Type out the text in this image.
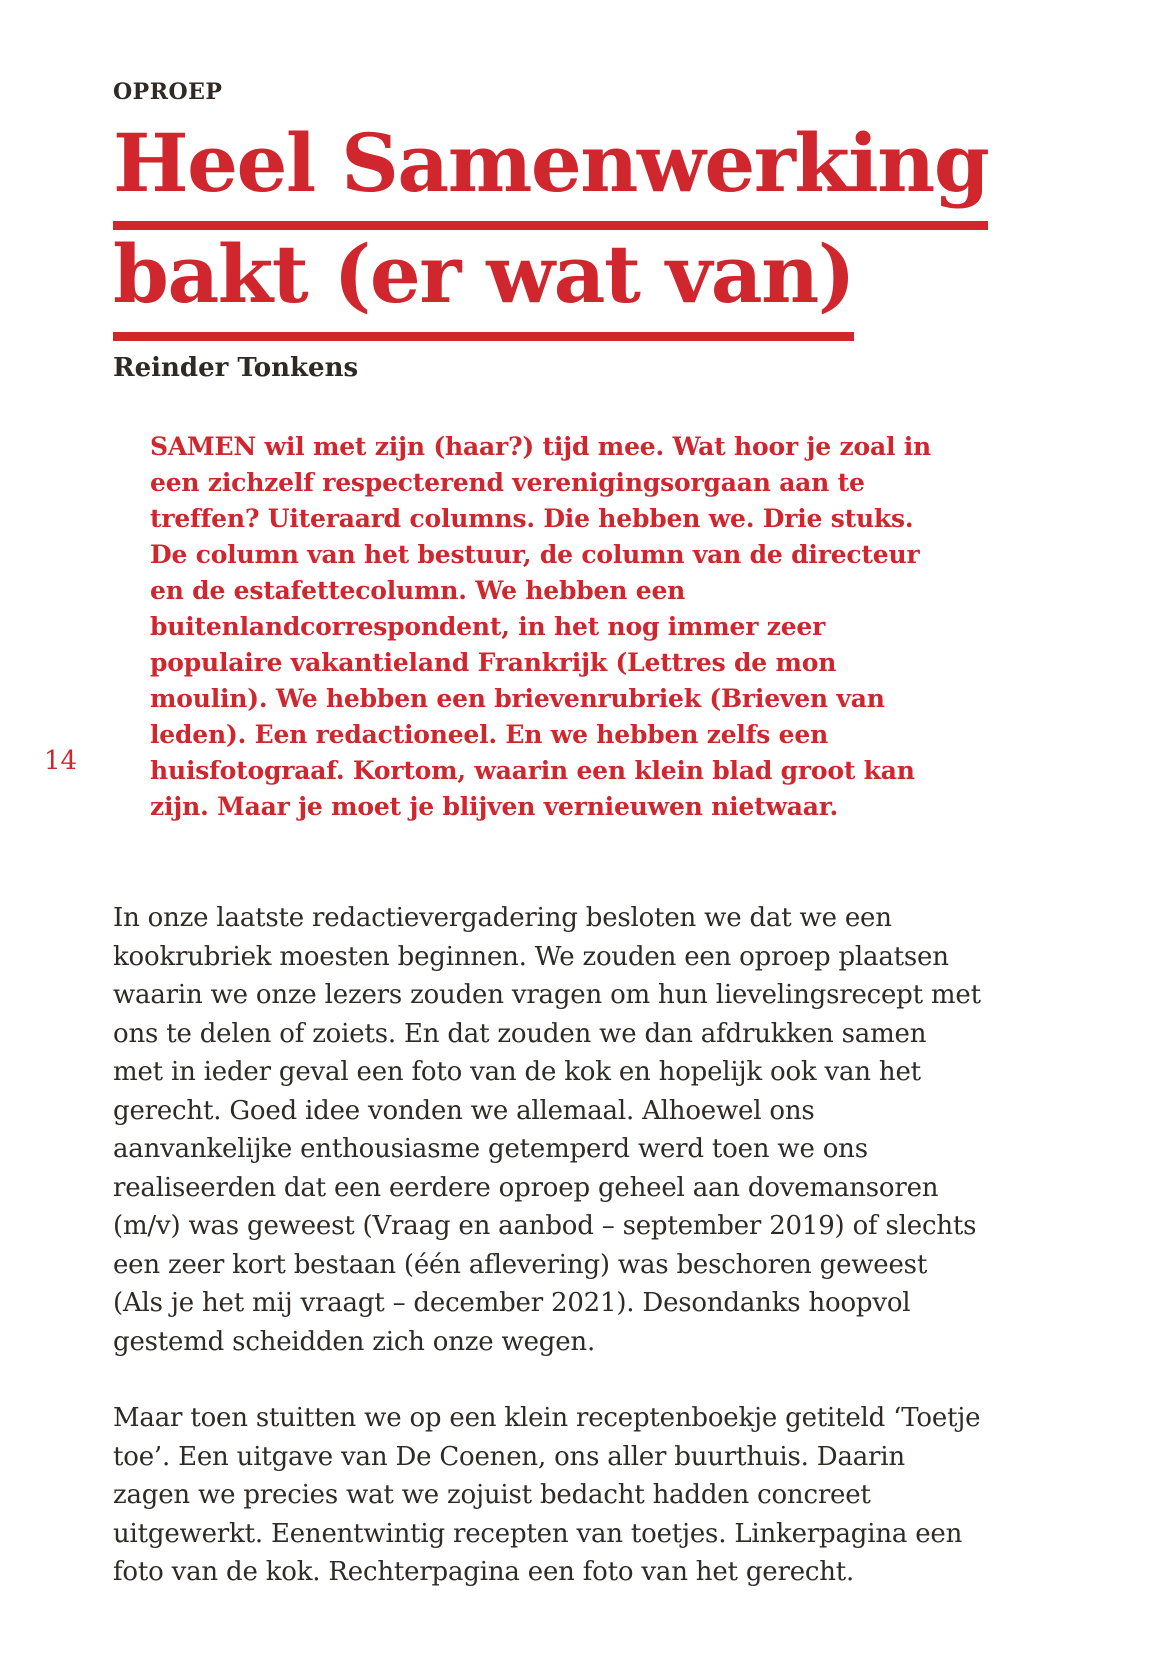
14
OPROEP
Heel Samenwerking
bakt (er wat van)
Reinder Tonkens
SAMEN wil met zijn (haar?) tijd mee. Wat hoor je zoal in een zichzelf respecterend verenigingsorgaan aan te treffen? Uiteraard columns. Die hebben we. Drie stuks. De column van het bestuur, de column van de directeur en de estafettecolumn. We hebben een buitenlandcorrespondent, in het nog immer zeer populaire vakantieland Frankrijk (Lettres de mon moulin). We hebben een brievenrubriek (Brieven van leden). Een redactioneel. En we hebben zelfs een huisfotograaf. Kortom, waarin een klein blad groot kan zijn. Maar je moet je blijven vernieuwen nietwaar.

In onze laatste redactievergadering besloten we dat we een kookrubriek moesten beginnen. We zouden een oproep plaatsen waarin we onze lezers zouden vragen om hun lievelingsrecept met ons te delen of zoiets. En dat zouden we dan afdrukken samen met in ieder geval een foto van de kok en hopelijk ook van het gerecht. Goed idee vonden we allemaal. Alhoewel ons aanvankelijke enthousiasme getemperd werd toen we ons realiseerden dat een eerdere oproep geheel aan dovemansoren (m/v) was geweest (Vraag en aanbod – september 2019) of slechts een zeer kort bestaan (één aflevering) was beschoren geweest (Als je het mij vraagt – december 2021). Desondanks hoopvol gestemd scheidden zich onze wegen.

Maar toen stuitten we op een klein receptenboekje getiteld ‘Toetje toe’. Een uitgave van De Coenen, ons aller buurthuis. Daarin zagen we precies wat we zojuist bedacht hadden concreet uitgewerkt. Eenentwintig recepten van toetjes. Linkerpagina een foto van de kok. Rechterpagina een foto van het gerecht.
